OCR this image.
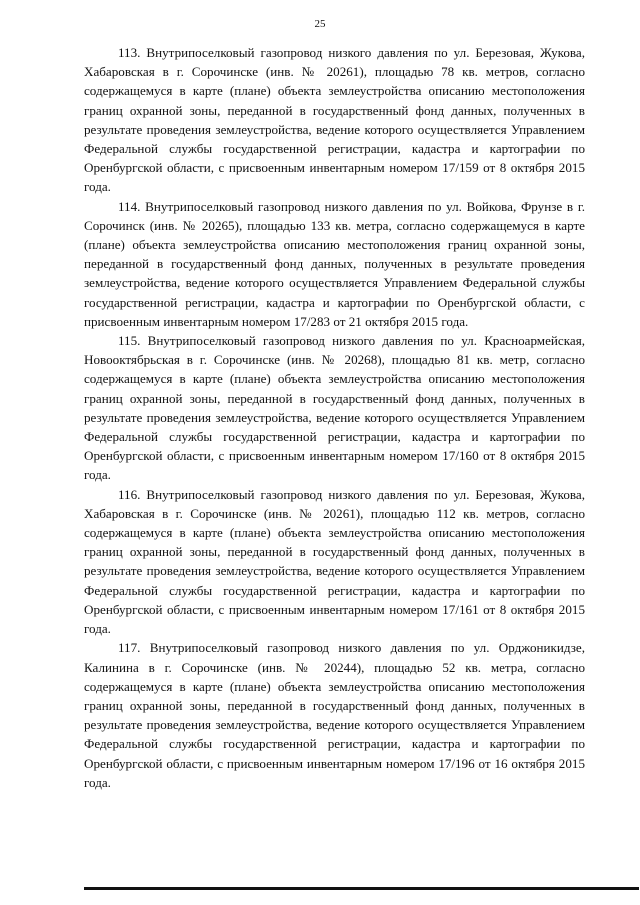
25

113. Внутрипоселковый газопровод низкого давления по ул. Березовая, Жукова, Хабаровская в г. Сорочинске (инв. № 20261), площадью 78 кв. метров, согласно содержащемуся в карте (плане) объекта землеустройства описанию местоположения границ охранной зоны, переданной в государственный фонд данных, полученных в результате проведения землеустройства, ведение которого осуществляется Управлением Федеральной службы государственной регистрации, кадастра и картографии по Оренбургской области, с присвоенным инвентарным номером 17/159 от 8 октября 2015 года.

114. Внутрипоселковый газопровод низкого давления по ул. Войкова, Фрунзе в г. Сорочинск (инв. № 20265), площадью 133 кв. метра, согласно содержащемуся в карте (плане) объекта землеустройства описанию местоположения границ охранной зоны, переданной в государственный фонд данных, полученных в результате проведения землеустройства, ведение которого осуществляется Управлением Федеральной службы государственной регистрации, кадастра и картографии по Оренбургской области, с присвоенным инвентарным номером 17/283 от 21 октября 2015 года.

115. Внутрипоселковый газопровод низкого давления по ул. Красноармейская, Новооктябрьская в г. Сорочинске (инв. № 20268), площадью 81 кв. метр, согласно содержащемуся в карте (плане) объекта землеустройства описанию местоположения границ охранной зоны, переданной в государственный фонд данных, полученных в результате проведения землеустройства, ведение которого осуществляется Управлением Федеральной службы государственной регистрации, кадастра и картографии по Оренбургской области, с присвоенным инвентарным номером 17/160 от 8 октября 2015 года.

116. Внутрипоселковый газопровод низкого давления по ул. Березовая, Жукова, Хабаровская в г. Сорочинске (инв. № 20261), площадью 112 кв. метров, согласно содержащемуся в карте (плане) объекта землеустройства описанию местоположения границ охранной зоны, переданной в государственный фонд данных, полученных в результате проведения землеустройства, ведение которого осуществляется Управлением Федеральной службы государственной регистрации, кадастра и картографии по Оренбургской области, с присвоенным инвентарным номером 17/161 от 8 октября 2015 года.

117. Внутрипоселковый газопровод низкого давления по ул. Орджоникидзе, Калинина в г. Сорочинске (инв. № 20244), площадью 52 кв. метра, согласно содержащемуся в карте (плане) объекта землеустройства описанию местоположения границ охранной зоны, переданной в государственный фонд данных, полученных в результате проведения землеустройства, ведение которого осуществляется Управлением Федеральной службы государственной регистрации, кадастра и картографии по Оренбургской области, с присвоенным инвентарным номером 17/196 от 16 октября 2015 года.
